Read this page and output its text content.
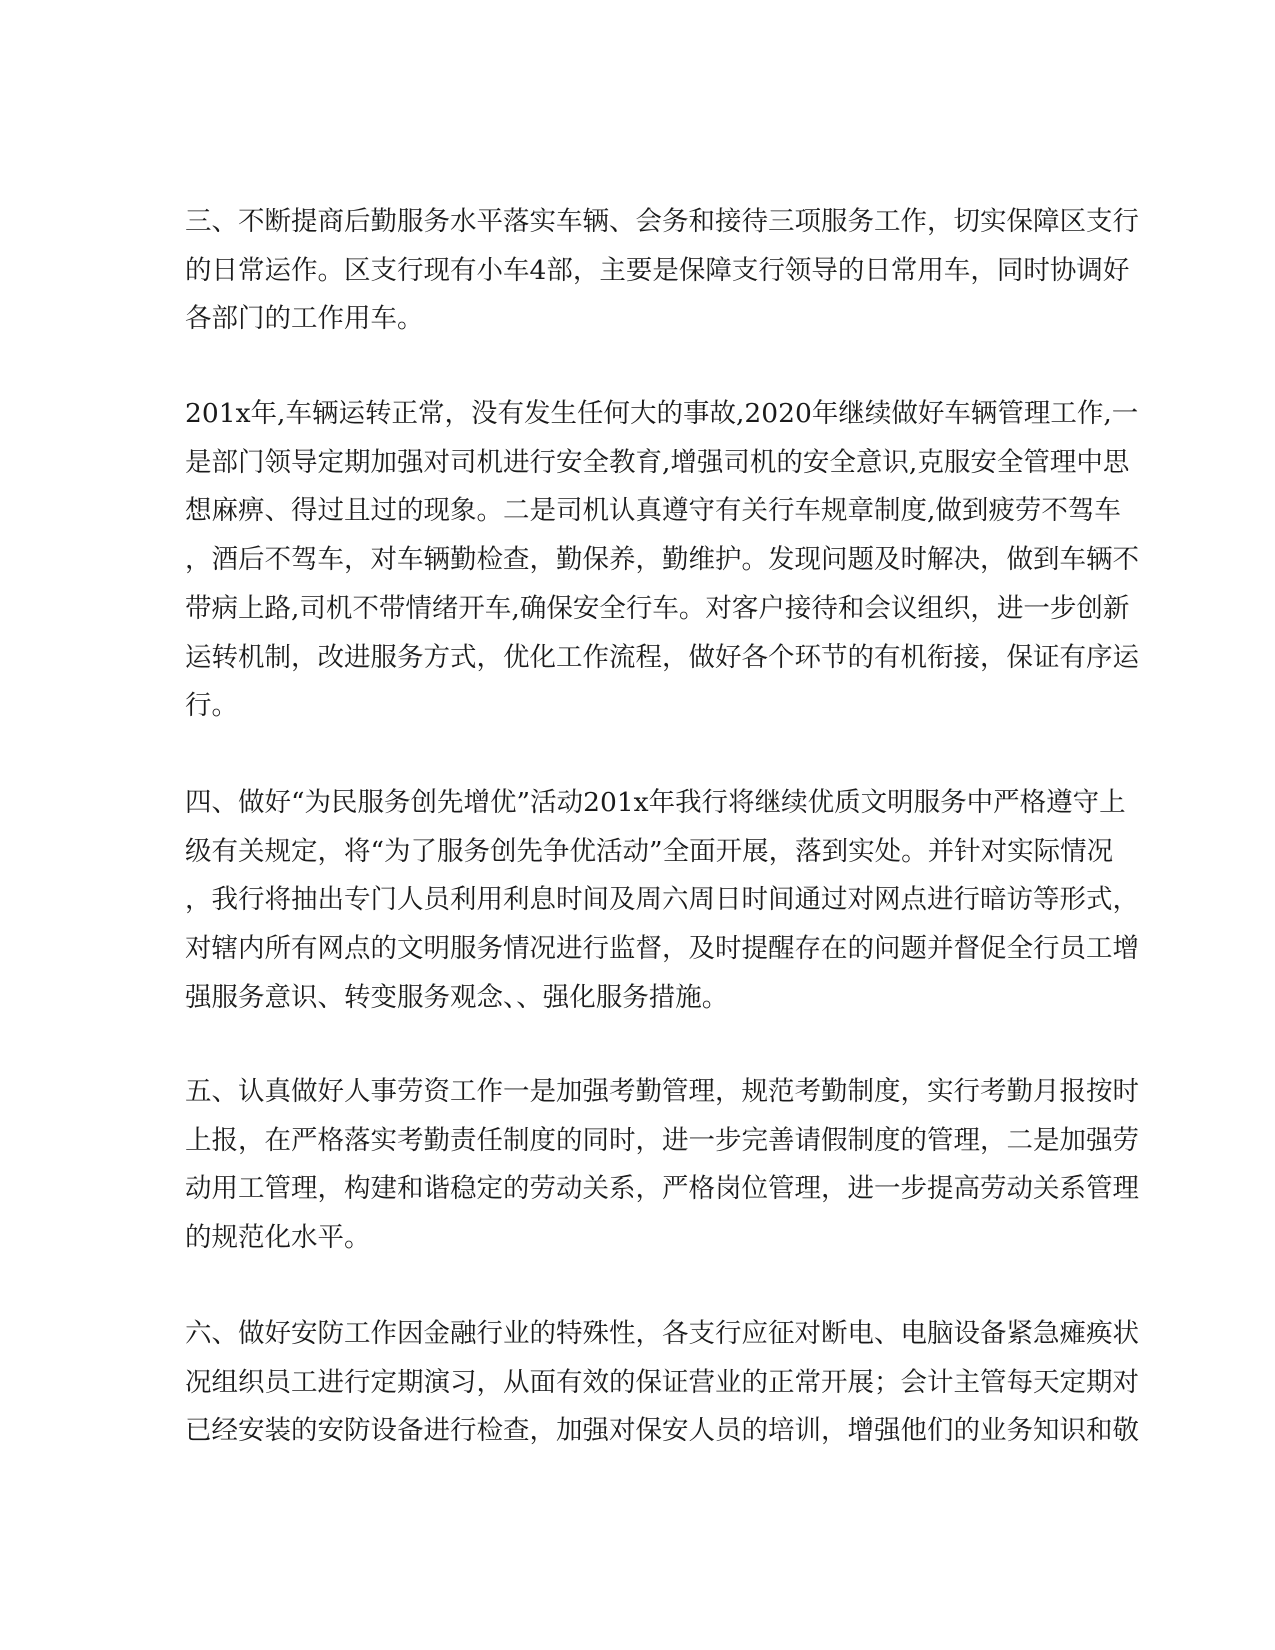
三、不断提商后勤服务水平落实车辆、会务和接待三项服务工作，切实保障区支行
的日常运作。区支行现有小车4部，主要是保障支行领导的日常用车，同时协调好
各部门的工作用车。

201x年,车辆运转正常，没有发生任何大的事故,2020年继续做好车辆管理工作,一
是部门领导定期加强对司机进行安全教育,增强司机的安全意识,克服安全管理中思
想麻痹、得过且过的现象。二是司机认真遵守有关行车规章制度,做到疲劳不驾车
，酒后不驾车，对车辆勤检查，勤保养，勤维护。发现问题及时解决，做到车辆不
带病上路,司机不带情绪开车,确保安全行车。对客户接待和会议组织，进一步创新
运转机制，改进服务方式，优化工作流程，做好各个环节的有机衔接，保证有序运
行。

四、做好“为民服务创先增优”活动201x年我行将继续优质文明服务中严格遵守上
级有关规定，将“为了服务创先争优活动”全面开展，落到实处。并针对实际情况
，我行将抽出专门人员利用利息时间及周六周日时间通过对网点进行暗访等形式，
对辖内所有网点的文明服务情况进行监督，及时提醒存在的问题并督促全行员工增
强服务意识、转变服务观念、、强化服务措施。

五、认真做好人事劳资工作一是加强考勤管理，规范考勤制度，实行考勤月报按时
上报，在严格落实考勤责任制度的同时，进一步完善请假制度的管理，二是加强劳
动用工管理，构建和谐稳定的劳动关系，严格岗位管理，进一步提高劳动关系管理
的规范化水平。

六、做好安防工作因金融行业的特殊性，各支行应征对断电、电脑设备紧急瘫痪状
况组织员工进行定期演习，从面有效的保证营业的正常开展；会计主管每天定期对
已经安装的安防设备进行检查，加强对保安人员的培训，增强他们的业务知识和敬
